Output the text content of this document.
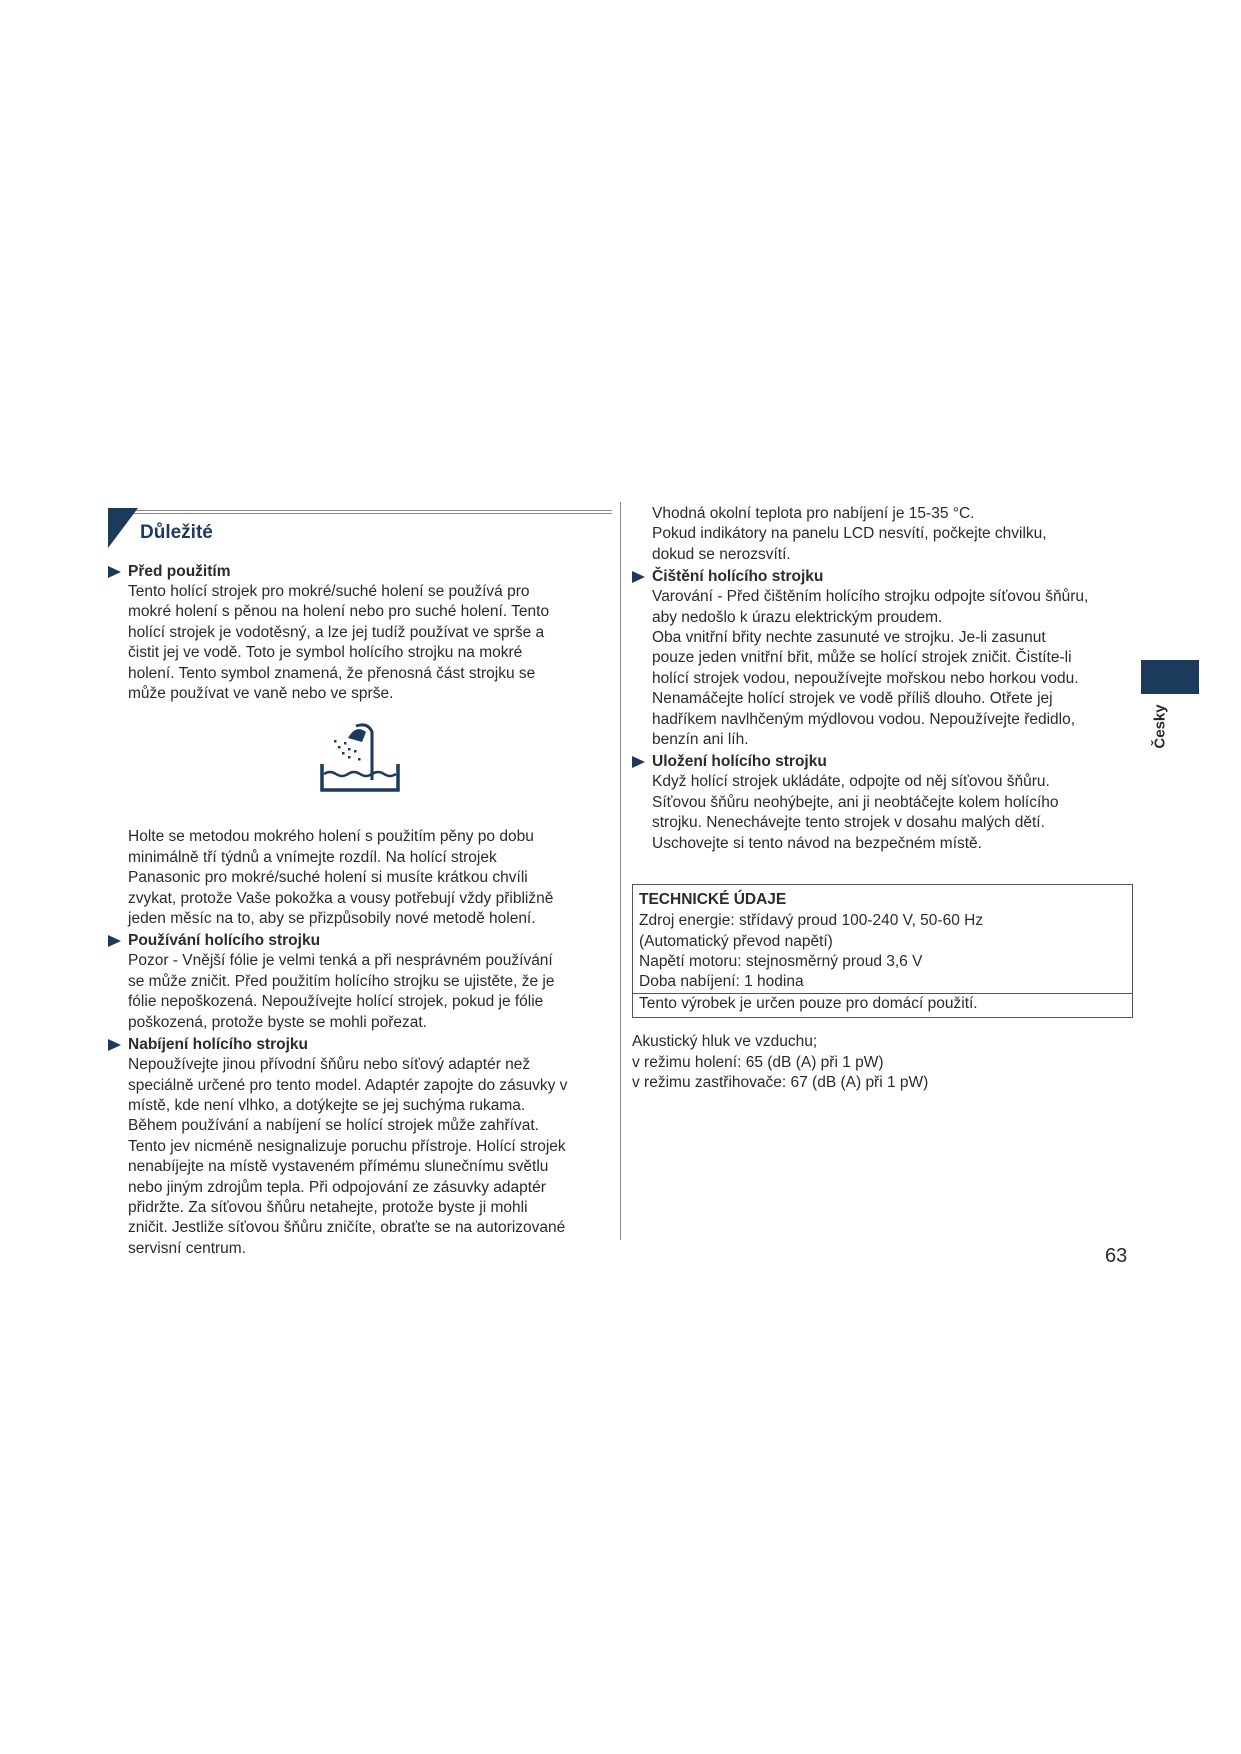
Důležité
Před použitím
Tento holící strojek pro mokré/suché holení se používá pro
mokré holení s pěnou na holení nebo pro suché holení. Tento
holící strojek je vodotěsný, a lze jej tudíž používat ve sprše a
čistit jej ve vodě. Toto je symbol holícího strojku na mokré
holení. Tento symbol znamená, že přenosná část strojku se
může používat ve vaně nebo ve sprše.
Holte se metodou mokrého holení s použitím pěny po dobu
minimálně tří týdnů a vnímejte rozdíl. Na holící strojek
Panasonic pro mokré/suché holení si musíte krátkou chvíli
zvykat, protože Vaše pokožka a vousy potřebují vždy přibližně
jeden měsíc na to, aby se přizpůsobily nové metodě holení.
Používání holícího strojku
Pozor - Vnější fólie je velmi tenká a při nesprávném používání
se může zničit. Před použitím holícího strojku se ujistěte, že je
fólie nepoškozená. Nepoužívejte holící strojek, pokud je fólie
poškozená, protože byste se mohli pořezat.
Nabíjení holícího strojku
Nepoužívejte jinou přívodní šňůru nebo síťový adaptér než
speciálně určené pro tento model. Adaptér zapojte do zásuvky v
místě, kde není vlhko, a dotýkejte se jej suchýma rukama.
Během používání a nabíjení se holící strojek může zahřívat.
Tento jev nicméně nesignalizuje poruchu přístroje. Holící strojek
nenabíjejte na místě vystaveném přímému slunečnímu světlu
nebo jiným zdrojům tepla. Při odpojování ze zásuvky adaptér
přidržte. Za síťovou šňůru netahejte, protože byste ji mohli
zničit. Jestliže síťovou šňůru zničíte, obraťte se na autorizované
servisní centrum.
Vhodná okolní teplota pro nabíjení je 15-35 °C.
Pokud indikátory na panelu LCD nesvítí, počkejte chvilku,
dokud se nerozsvítí.
Čištění holícího strojku
Varování - Před čištěním holícího strojku odpojte síťovou šňůru,
aby nedošlo k úrazu elektrickým proudem.
Oba vnitřní břity nechte zasunuté ve strojku. Je-li zasunut
pouze jeden vnitřní břit, může se holící strojek zničit. Čistíte-li
holící strojek vodou, nepoužívejte mořskou nebo horkou vodu.
Nenamáčejte holící strojek ve vodě příliš dlouho. Otřete jej
hadříkem navlhčeným mýdlovou vodou. Nepoužívejte ředidlo,
benzín ani líh.
Uložení holícího strojku
Když holící strojek ukládáte, odpojte od něj síťovou šňůru.
Síťovou šňůru neohýbejte, ani ji neobtáčejte kolem holícího
strojku. Nenechávejte tento strojek v dosahu malých dětí.
Uschovejte si tento návod na bezpečném místě.
TECHNICKÉ ÚDAJE
Zdroj energie: střídavý proud 100-240 V, 50-60 Hz
(Automatický převod napětí)
Napětí motoru: stejnosměrný proud 3,6 V
Doba nabíjení: 1 hodina
Tento výrobek je určen pouze pro domácí použití.
Akustický hluk ve vzduchu;
v režimu holení: 65 (dB (A) při 1 pW)
v režimu zastřihovače: 67 (dB (A) při 1 pW)
Česky
63
